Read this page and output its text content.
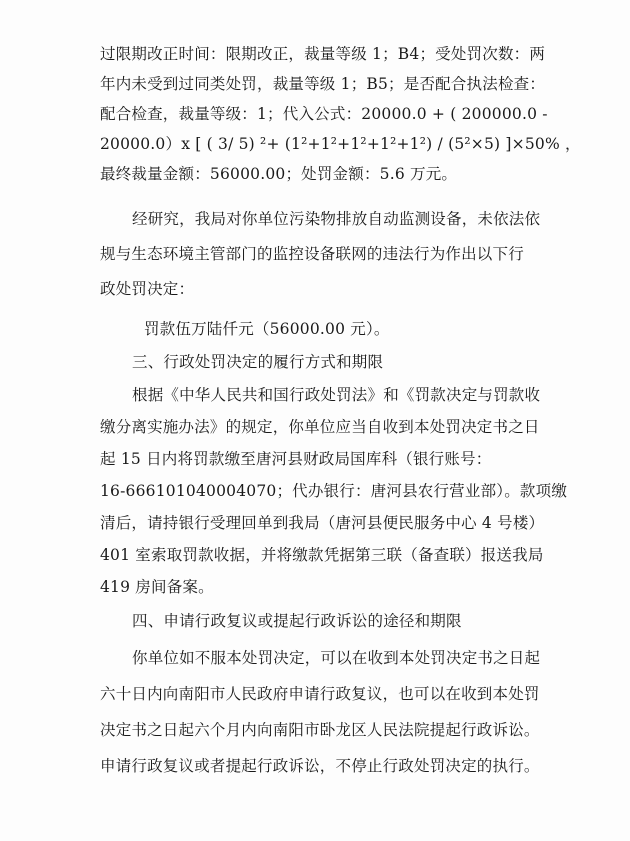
过限期改正时间：限期改正，裁量等级 1；B4；受处罚次数：两
年内未受到过同类处罚，裁量等级 1；B5；是否配合执法检查：
配合检查，裁量等级：1；代入公式：20000.0 + ( 200000.0 -
20000.0）x [ ( 3/ 5) ²+ (1²+1²+1²+1²+1²) / (5²×5) ]×50% ，
最终裁量金额：56000.00；处罚金额：5.6 万元。
经研究，我局对你单位污染物排放自动监测设备，未依法依
规与生态环境主管部门的监控设备联网的违法行为作出以下行
政处罚决定：
罚款伍万陆仟元（56000.00 元）。
三、行政处罚决定的履行方式和期限
根据《中华人民共和国行政处罚法》和《罚款决定与罚款收
缴分离实施办法》的规定，你单位应当自收到本处罚决定书之日
起 15 日内将罚款缴至唐河县财政局国库科（银行账号：
16-666101040004070；代办银行：唐河县农行营业部）。款项缴
清后，请持银行受理回单到我局（唐河县便民服务中心 4 号楼）
401 室索取罚款收据，并将缴款凭据第三联（备查联）报送我局
419 房间备案。
四、申请行政复议或提起行政诉讼的途径和期限
你单位如不服本处罚决定，可以在收到本处罚决定书之日起
六十日内向南阳市人民政府申请行政复议，也可以在收到本处罚
决定书之日起六个月内向南阳市卧龙区人民法院提起行政诉讼。
申请行政复议或者提起行政诉讼，不停止行政处罚决定的执行。
